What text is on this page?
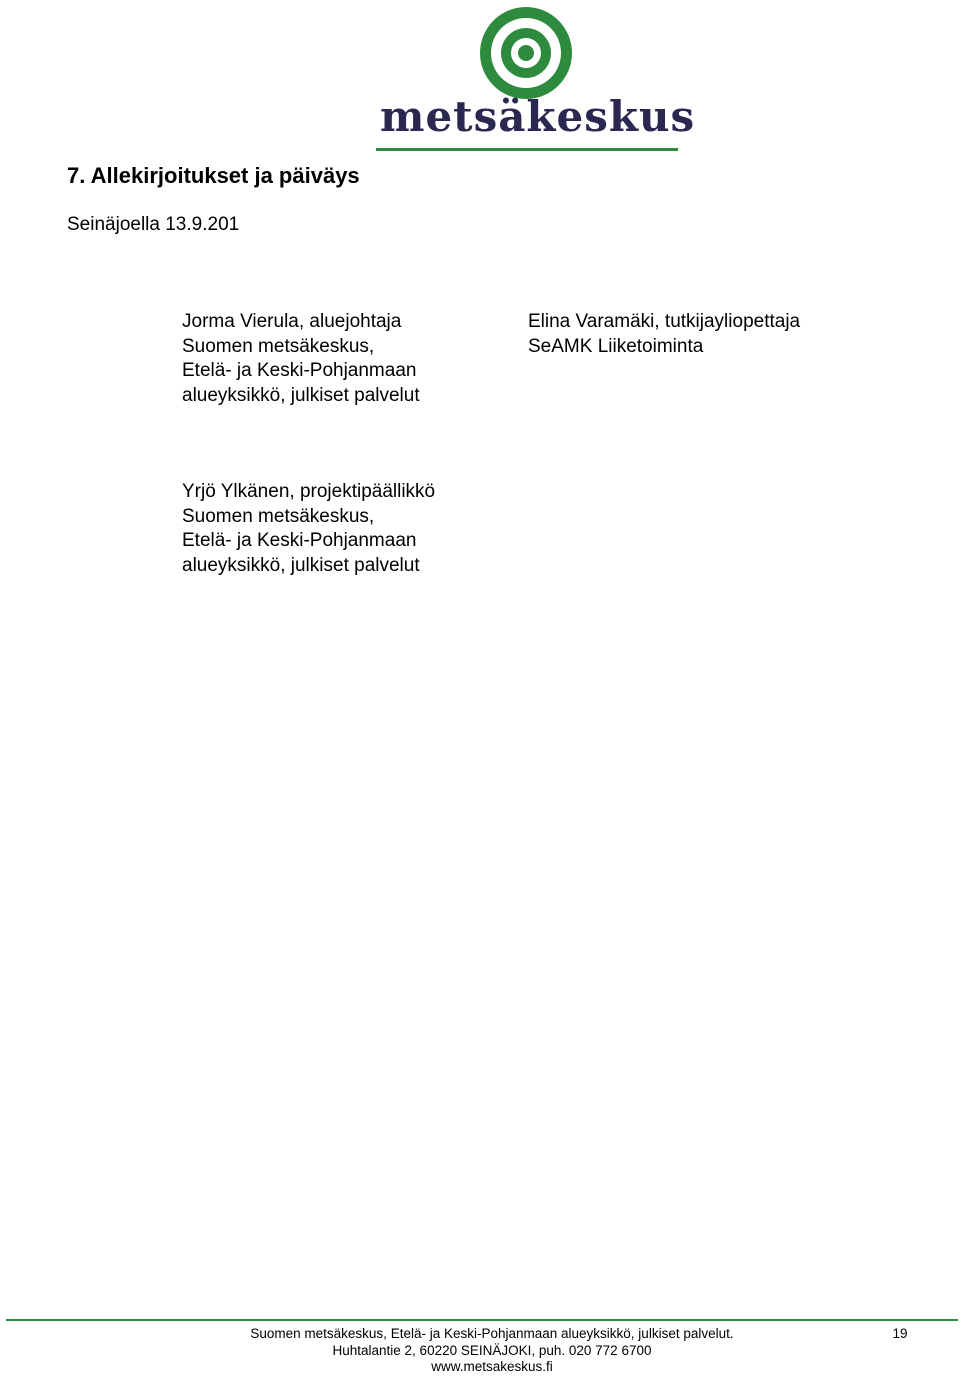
metsäkeskus
7. Allekirjoitukset ja päiväys
Seinäjoella 13.9.201
Jorma Vierula, aluejohtaja
Suomen metsäkeskus,
Etelä- ja Keski-Pohjanmaan
alueyksikkö, julkiset palvelut
Elina Varamäki, tutkijayliopettaja
SeAMK Liiketoiminta
Yrjö Ylkänen, projektipäällikkö
Suomen metsäkeskus,
Etelä- ja Keski-Pohjanmaan
alueyksikkö, julkiset palvelut
Suomen metsäkeskus, Etelä- ja Keski-Pohjanmaan alueyksikkö, julkiset palvelut.
Huhtalantie 2, 60220 SEINÄJOKI, puh. 020 772 6700
www.metsakeskus.fi
19
